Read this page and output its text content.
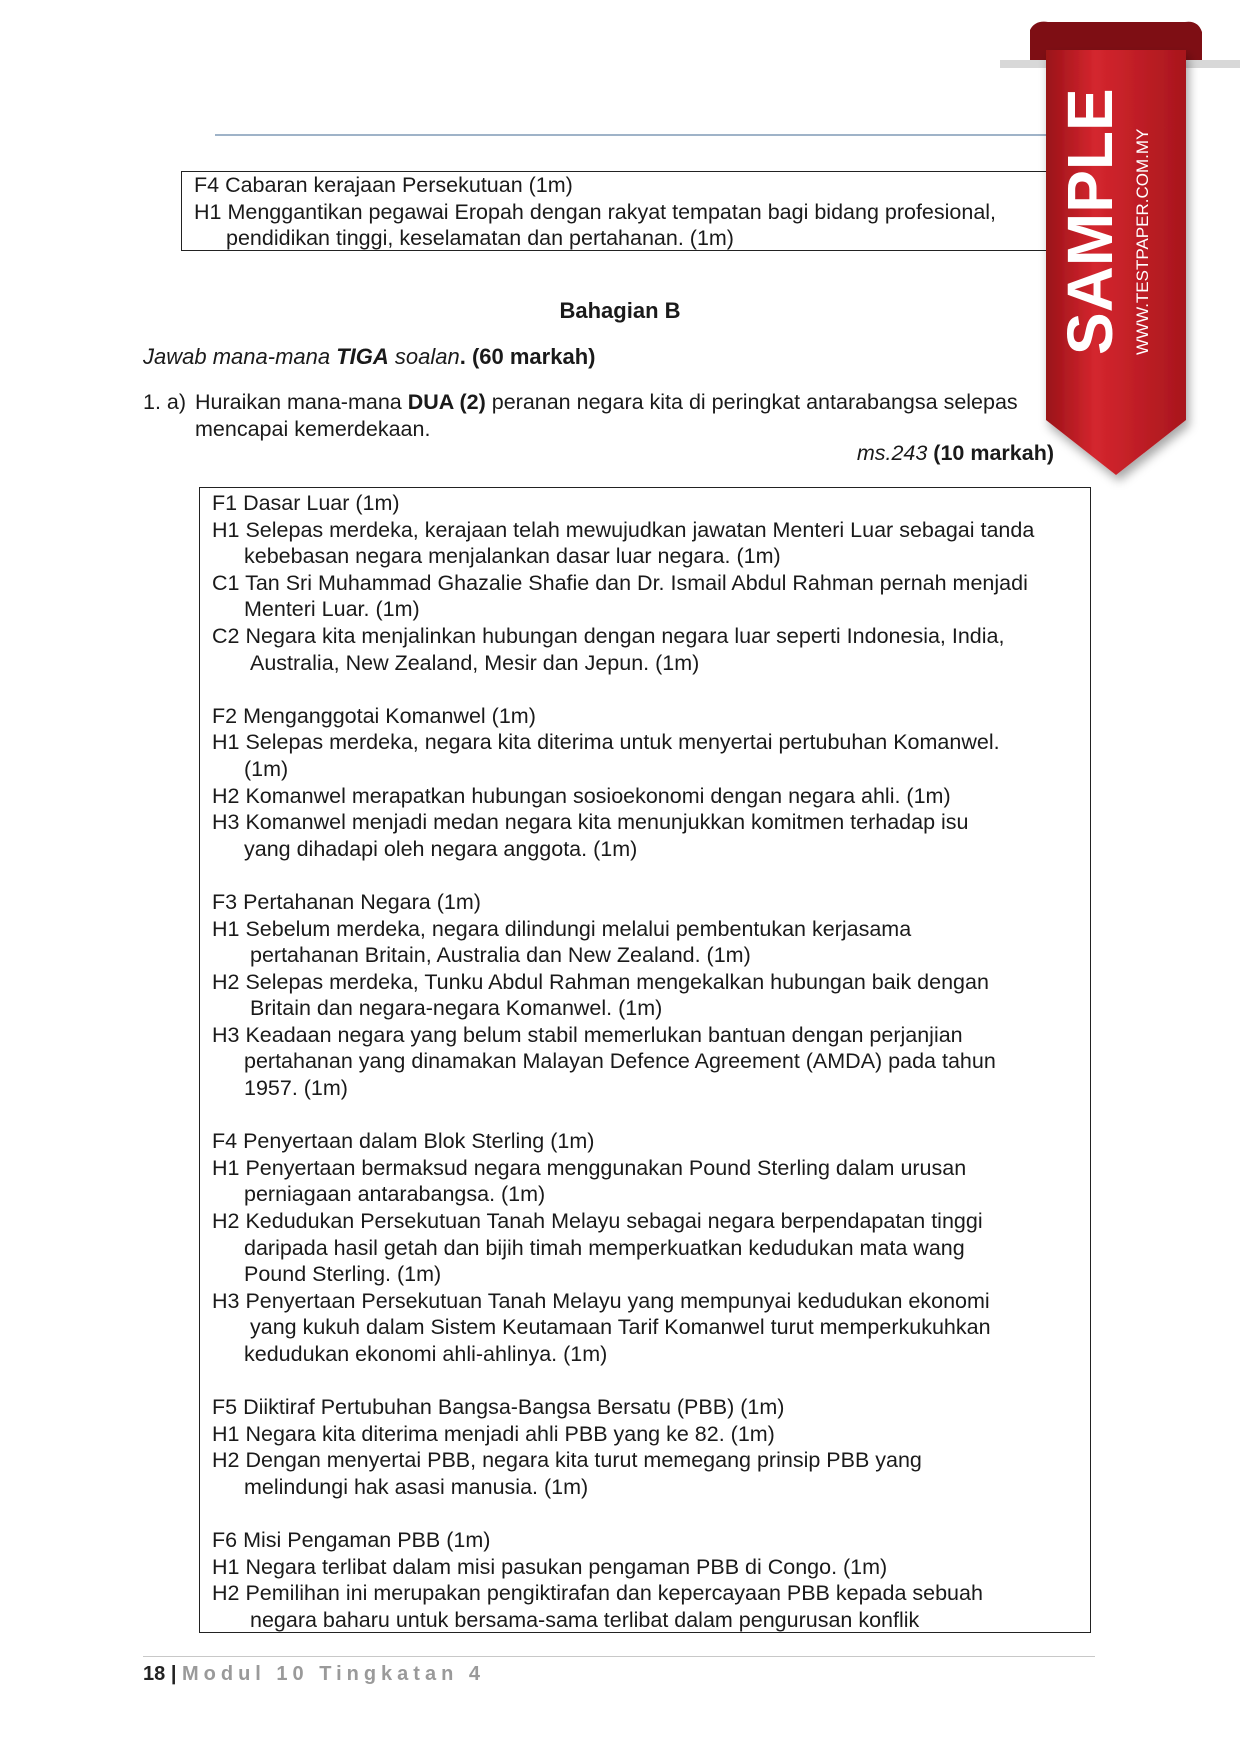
F4 Cabaran kerajaan Persekutuan (1m)
H1 Menggantikan pegawai Eropah dengan rakyat tempatan bagi bidang profesional,
pendidikan tinggi, keselamatan dan pertahanan. (1m)
Bahagian B
Jawab mana-mana TIGA soalan. (60 markah)
1. a) Huraikan mana-mana DUA (2) peranan negara kita di peringkat antarabangsa selepas
mencapai kemerdekaan.
ms.243 (10 markah)
F1 Dasar Luar (1m)
H1 Selepas merdeka, kerajaan telah mewujudkan jawatan Menteri Luar sebagai tanda
kebebasan negara menjalankan dasar luar negara. (1m)
C1 Tan Sri Muhammad Ghazalie Shafie dan Dr. Ismail Abdul Rahman pernah menjadi
Menteri Luar. (1m)
C2 Negara kita menjalinkan hubungan dengan negara luar seperti Indonesia, India,
Australia, New Zealand, Mesir dan Jepun. (1m)
F2 Menganggotai Komanwel (1m)
H1 Selepas merdeka, negara kita diterima untuk menyertai pertubuhan Komanwel.
(1m)
H2 Komanwel merapatkan hubungan sosioekonomi dengan negara ahli. (1m)
H3 Komanwel menjadi medan negara kita menunjukkan komitmen terhadap isu
yang dihadapi oleh negara anggota. (1m)
F3 Pertahanan Negara (1m)
H1 Sebelum merdeka, negara dilindungi melalui pembentukan kerjasama
pertahanan Britain, Australia dan New Zealand. (1m)
H2 Selepas merdeka, Tunku Abdul Rahman mengekalkan hubungan baik dengan
Britain dan negara-negara Komanwel. (1m)
H3 Keadaan negara yang belum stabil memerlukan bantuan dengan perjanjian
pertahanan yang dinamakan Malayan Defence Agreement (AMDA) pada tahun
1957. (1m)
F4 Penyertaan dalam Blok Sterling (1m)
H1 Penyertaan bermaksud negara menggunakan Pound Sterling dalam urusan
perniagaan antarabangsa. (1m)
H2 Kedudukan Persekutuan Tanah Melayu sebagai negara berpendapatan tinggi
daripada hasil getah dan bijih timah memperkuatkan kedudukan mata wang
Pound Sterling. (1m)
H3 Penyertaan Persekutuan Tanah Melayu yang mempunyai kedudukan ekonomi
yang kukuh dalam Sistem Keutamaan Tarif Komanwel turut memperkukuhkan
kedudukan ekonomi ahli-ahlinya. (1m)
F5 Diiktiraf Pertubuhan Bangsa-Bangsa Bersatu (PBB) (1m)
H1 Negara kita diterima menjadi ahli PBB yang ke 82. (1m)
H2 Dengan menyertai PBB, negara kita turut memegang prinsip PBB yang
melindungi hak asasi manusia. (1m)
F6 Misi Pengaman PBB (1m)
H1 Negara terlibat dalam misi pasukan pengaman PBB di Congo. (1m)
H2 Pemilihan ini merupakan pengiktirafan dan kepercayaan PBB kepada sebuah
negara baharu untuk bersama-sama terlibat dalam pengurusan konflik
18 | Modul 10 Tingkatan 4
SAMPLE WWW.TESTPAPER.COM.MY
